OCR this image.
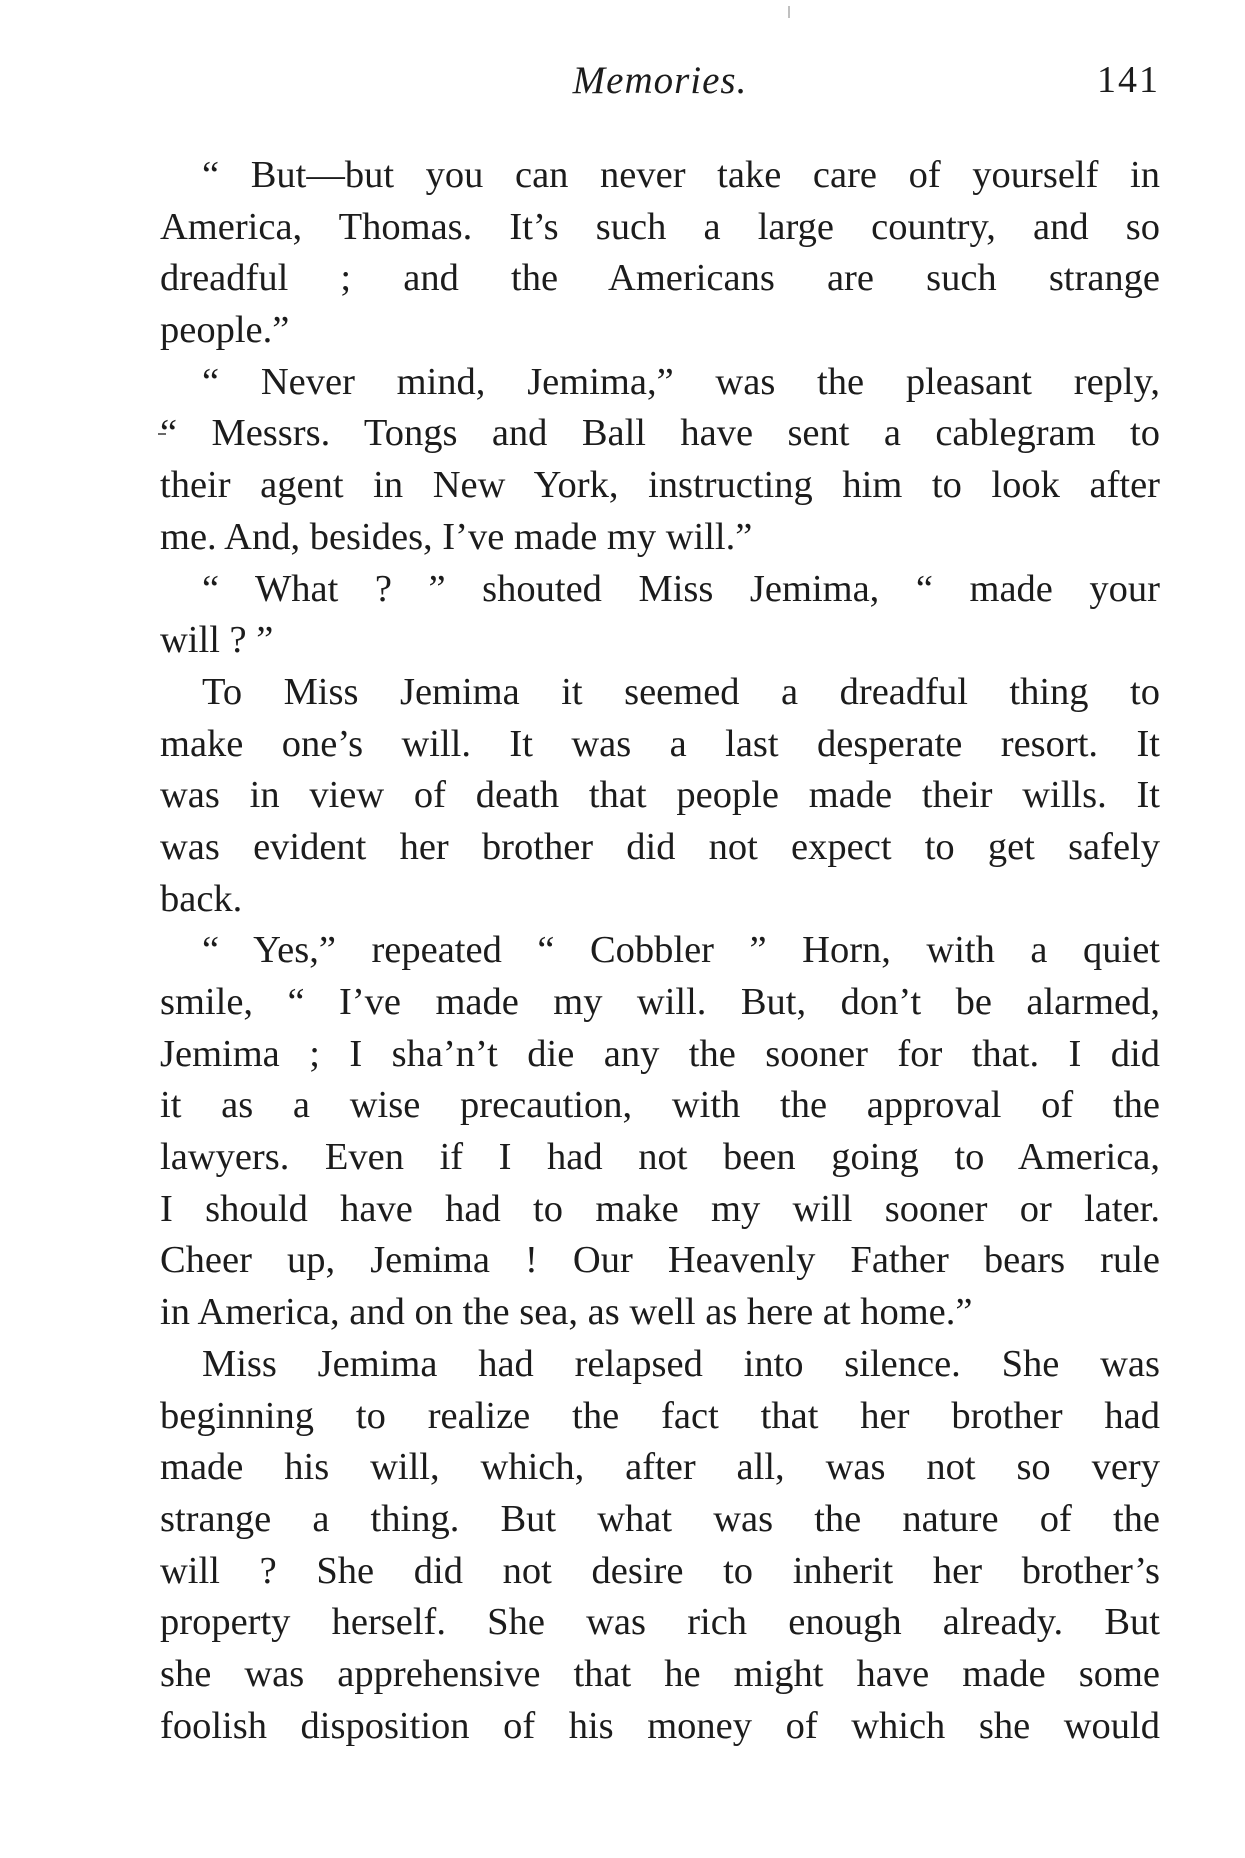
Memories.	141
“ But—but you can never take care of yourself in
America, Thomas. It’s such a large country, and so
dreadful ; and the Americans are such strange
people.”
“ Never mind, Jemima,” was the pleasant reply,
“ Messrs. Tongs and Ball have sent a cablegram to
their agent in New York, instructing him to look after
me. And, besides, I’ve made my will.”
“ What ? ” shouted Miss Jemima, “ made your
will ? ”
To Miss Jemima it seemed a dreadful thing to
make one’s will. It was a last desperate resort. It
was in view of death that people made their wills. It
was evident her brother did not expect to get safely
back.
“ Yes,” repeated “ Cobbler ” Horn, with a quiet
smile, “ I’ve made my will. But, don’t be alarmed,
Jemima ; I sha’n’t die any the sooner for that. I did
it as a wise precaution, with the approval of the
lawyers. Even if I had not been going to America,
I should have had to make my will sooner or later.
Cheer up, Jemima ! Our Heavenly Father bears rule
in America, and on the sea, as well as here at home.”
Miss Jemima had relapsed into silence. She was
beginning to realize the fact that her brother had
made his will, which, after all, was not so very
strange a thing. But what was the nature of the
will ? She did not desire to inherit her brother’s
property herself. She was rich enough already. But
she was apprehensive that he might have made some
foolish disposition of his money of which she would
